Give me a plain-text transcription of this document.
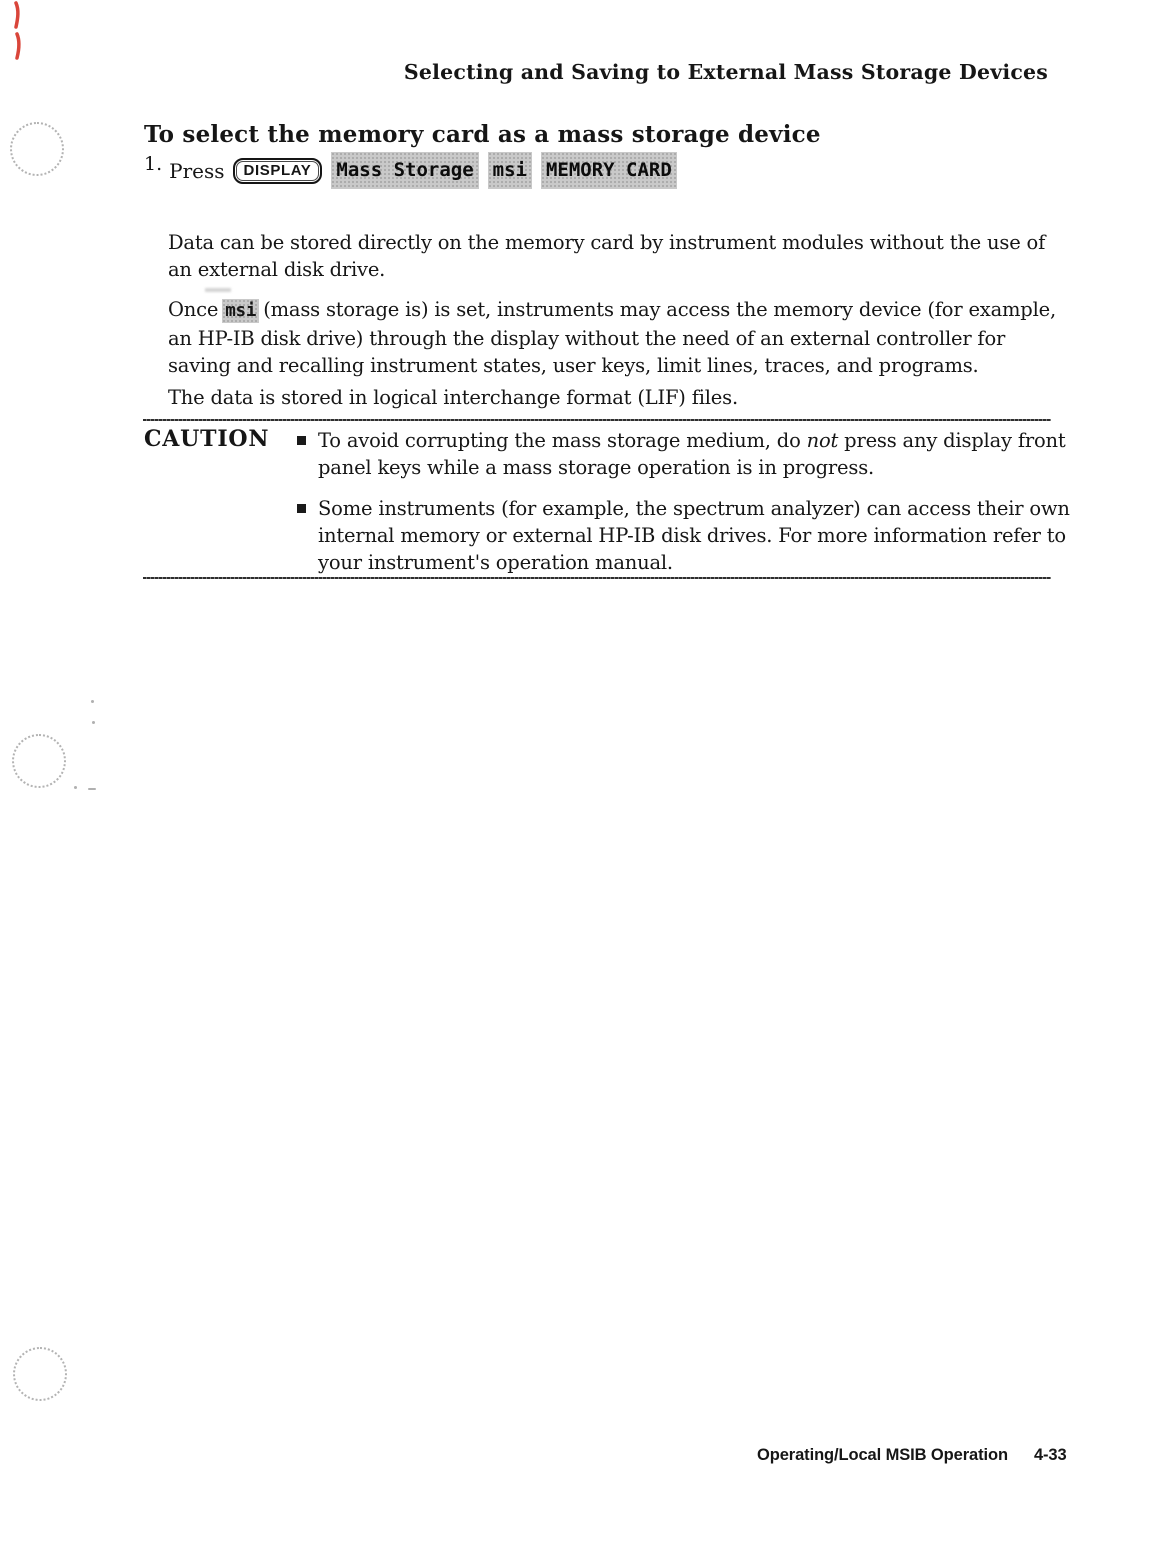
Selecting and Saving to External Mass Storage Devices
To select the memory card as a mass storage device
1. Press	DISPLAY	Mass Storage msi MEMORY CARD
Data can be stored directly on the memory card by instrument modules without the use of
an external disk drive.
Once msi (mass storage is) is set, instruments may access the memory device (for example,
an HP-IB disk drive) through the display without the need of an external controller for
saving and recalling instrument states, user keys, limit lines, traces, and programs.
The data is stored in logical interchange format (LIF) files.
CAUTION To avoid corrupting the mass storage medium, do not press any display front
panel keys while a mass storage operation is in progress.
Some instruments (for example, the spectrum analyzer) can access their own
internal memory or external HP-IB disk drives. For more information refer to
your instrument's operation manual.
Operating/Local MSIB Operation 4-33
